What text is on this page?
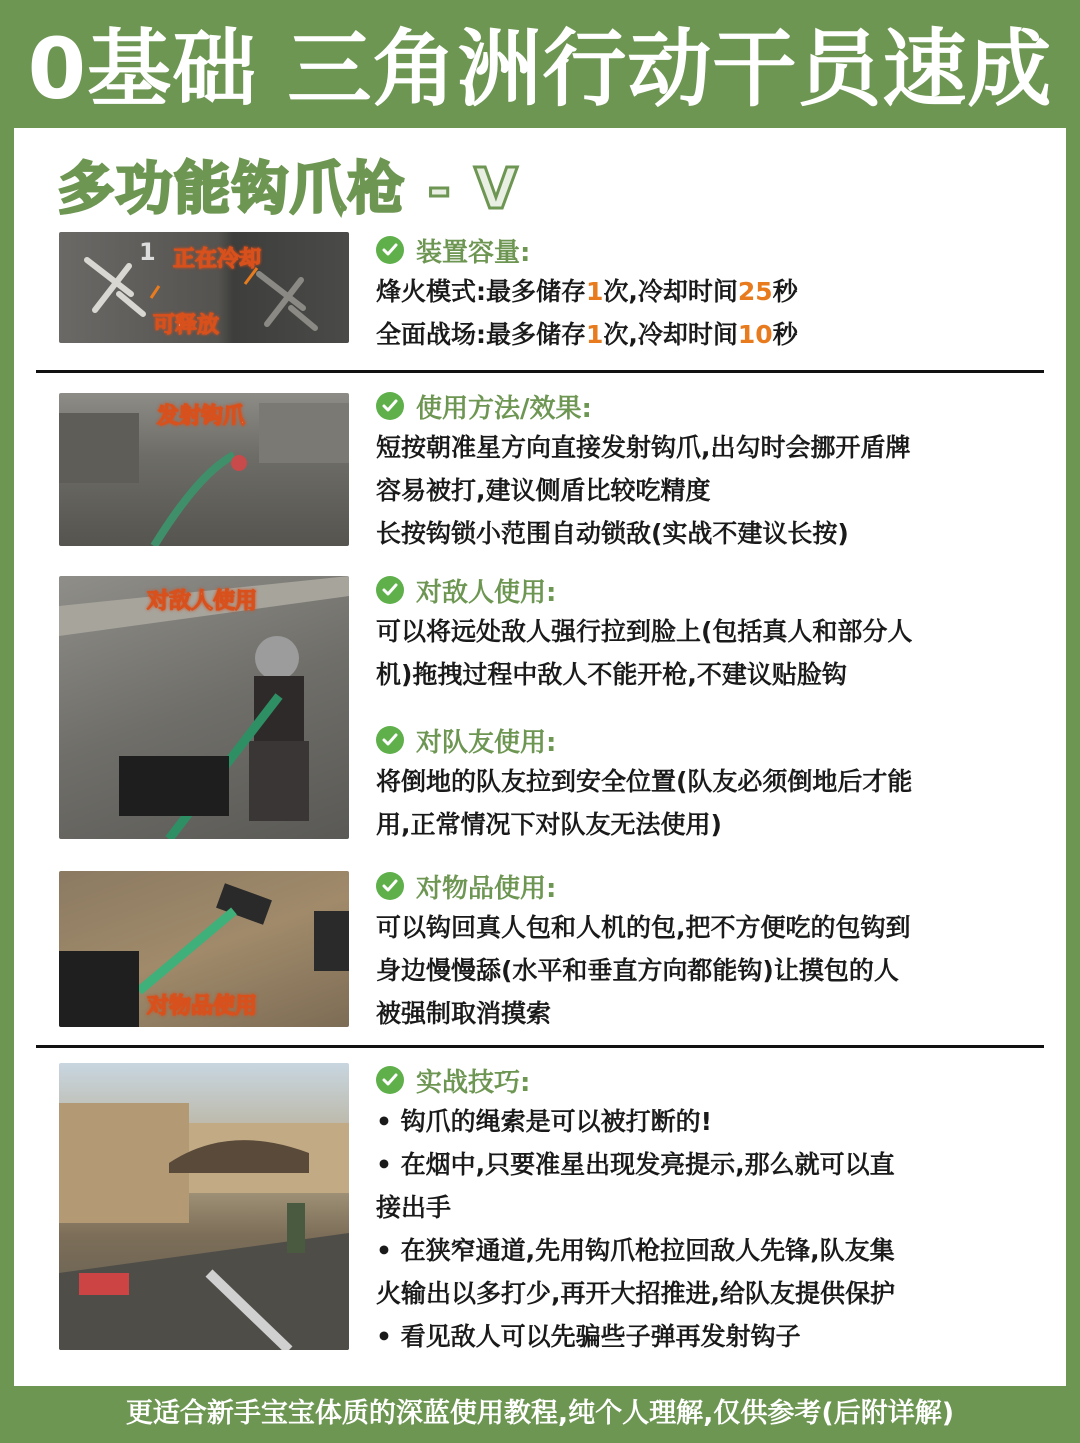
0基础 三角洲行动干员速成
多功能钩爪枪 - V
1 正在冷却
可释放
装置容量:
烽火模式:最多储存1次,冷却时间25秒
全面战场:最多储存1次,冷却时间10秒
发射钩爪	使用方法/效果:
短按朝准星方向直接发射钩爪,出勾时会挪开盾牌
容易被打,建议侧盾比较吃精度
长按钩锁小范围自动锁敌(实战不建议长按)
对敌人使用	对敌人使用:
可以将远处敌人强行拉到脸上(包括真人和部分人
机)拖拽过程中敌人不能开枪,不建议贴脸钩
对队友使用:
将倒地的队友拉到安全位置(队友必须倒地后才能
用,正常情况下对队友无法使用)
对物品使用
对物品使用:
可以钩回真人包和人机的包,把不方便吃的包钩到
身边慢慢舔(水平和垂直方向都能钩)让摸包的人
被强制取消摸索
实战技巧:
• 钩爪的绳索是可以被打断的!
• 在烟中,只要准星出现发亮提示,那么就可以直
接出手
• 在狭窄通道,先用钩爪枪拉回敌人先锋,队友集
火输出以多打少,再开大招推进,给队友提供保护
• 看见敌人可以先骗些子弹再发射钩子
更适合新手宝宝体质的深蓝使用教程,纯个人理解,仅供参考(后附详解)
